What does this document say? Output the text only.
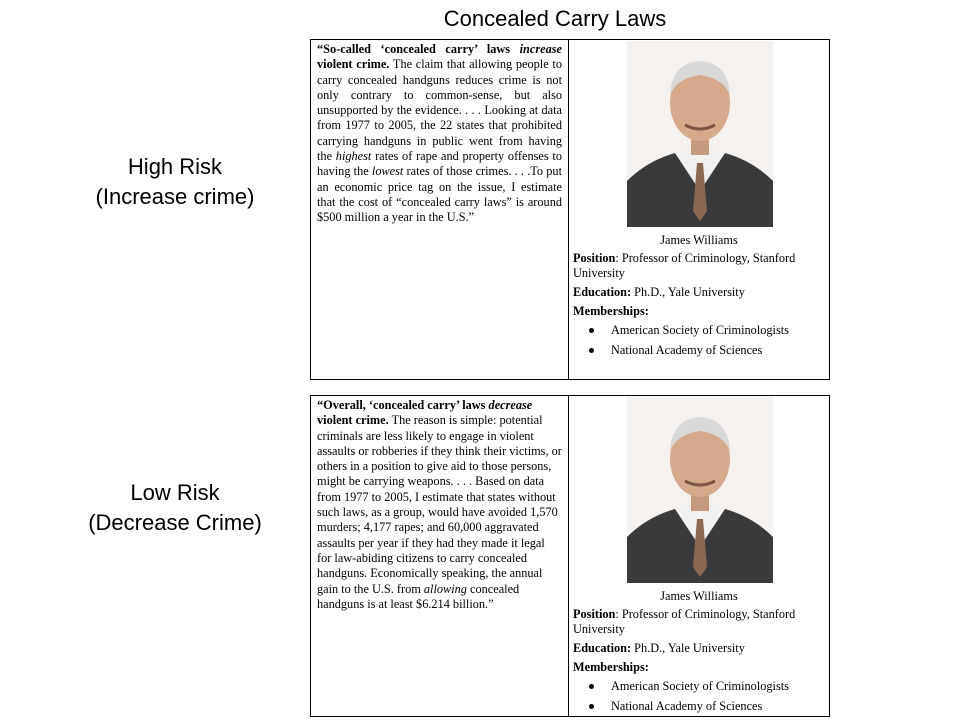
Concealed Carry Laws
High Risk
(Increase crime)
“So-called ‘concealed carry’ laws increase violent crime. The claim that allowing people to carry concealed handguns reduces crime is not only contrary to common-sense, but also unsupported by the evidence. . . . Looking at data from 1977 to 2005, the 22 states that prohibited carrying handguns in public went from having the highest rates of rape and property offenses to having the lowest rates of those crimes. . . .To put an economic price tag on the issue, I estimate that the cost of “concealed carry laws” is around $500 million a year in the U.S.”
James Williams
Position: Professor of Criminology, Stanford University
Education: Ph.D., Yale University
Memberships:
American Society of Criminologists
National Academy of Sciences
Low Risk
(Decrease Crime)
“Overall, ‘concealed carry’ laws decrease violent crime. The reason is simple: potential criminals are less likely to engage in violent assaults or robberies if they think their victims, or others in a position to give aid to those persons, might be carrying weapons. . . . Based on data from 1977 to 2005, I estimate that states without such laws, as a group, would have avoided 1,570 murders; 4,177 rapes; and 60,000 aggravated assaults per year if they had they made it legal for law-abiding citizens to carry concealed handguns. Economically speaking, the annual gain to the U.S. from allowing concealed handguns is at least $6.214 billion.”
James Williams
Position: Professor of Criminology, Stanford University
Education: Ph.D., Yale University
Memberships:
American Society of Criminologists
National Academy of Sciences
